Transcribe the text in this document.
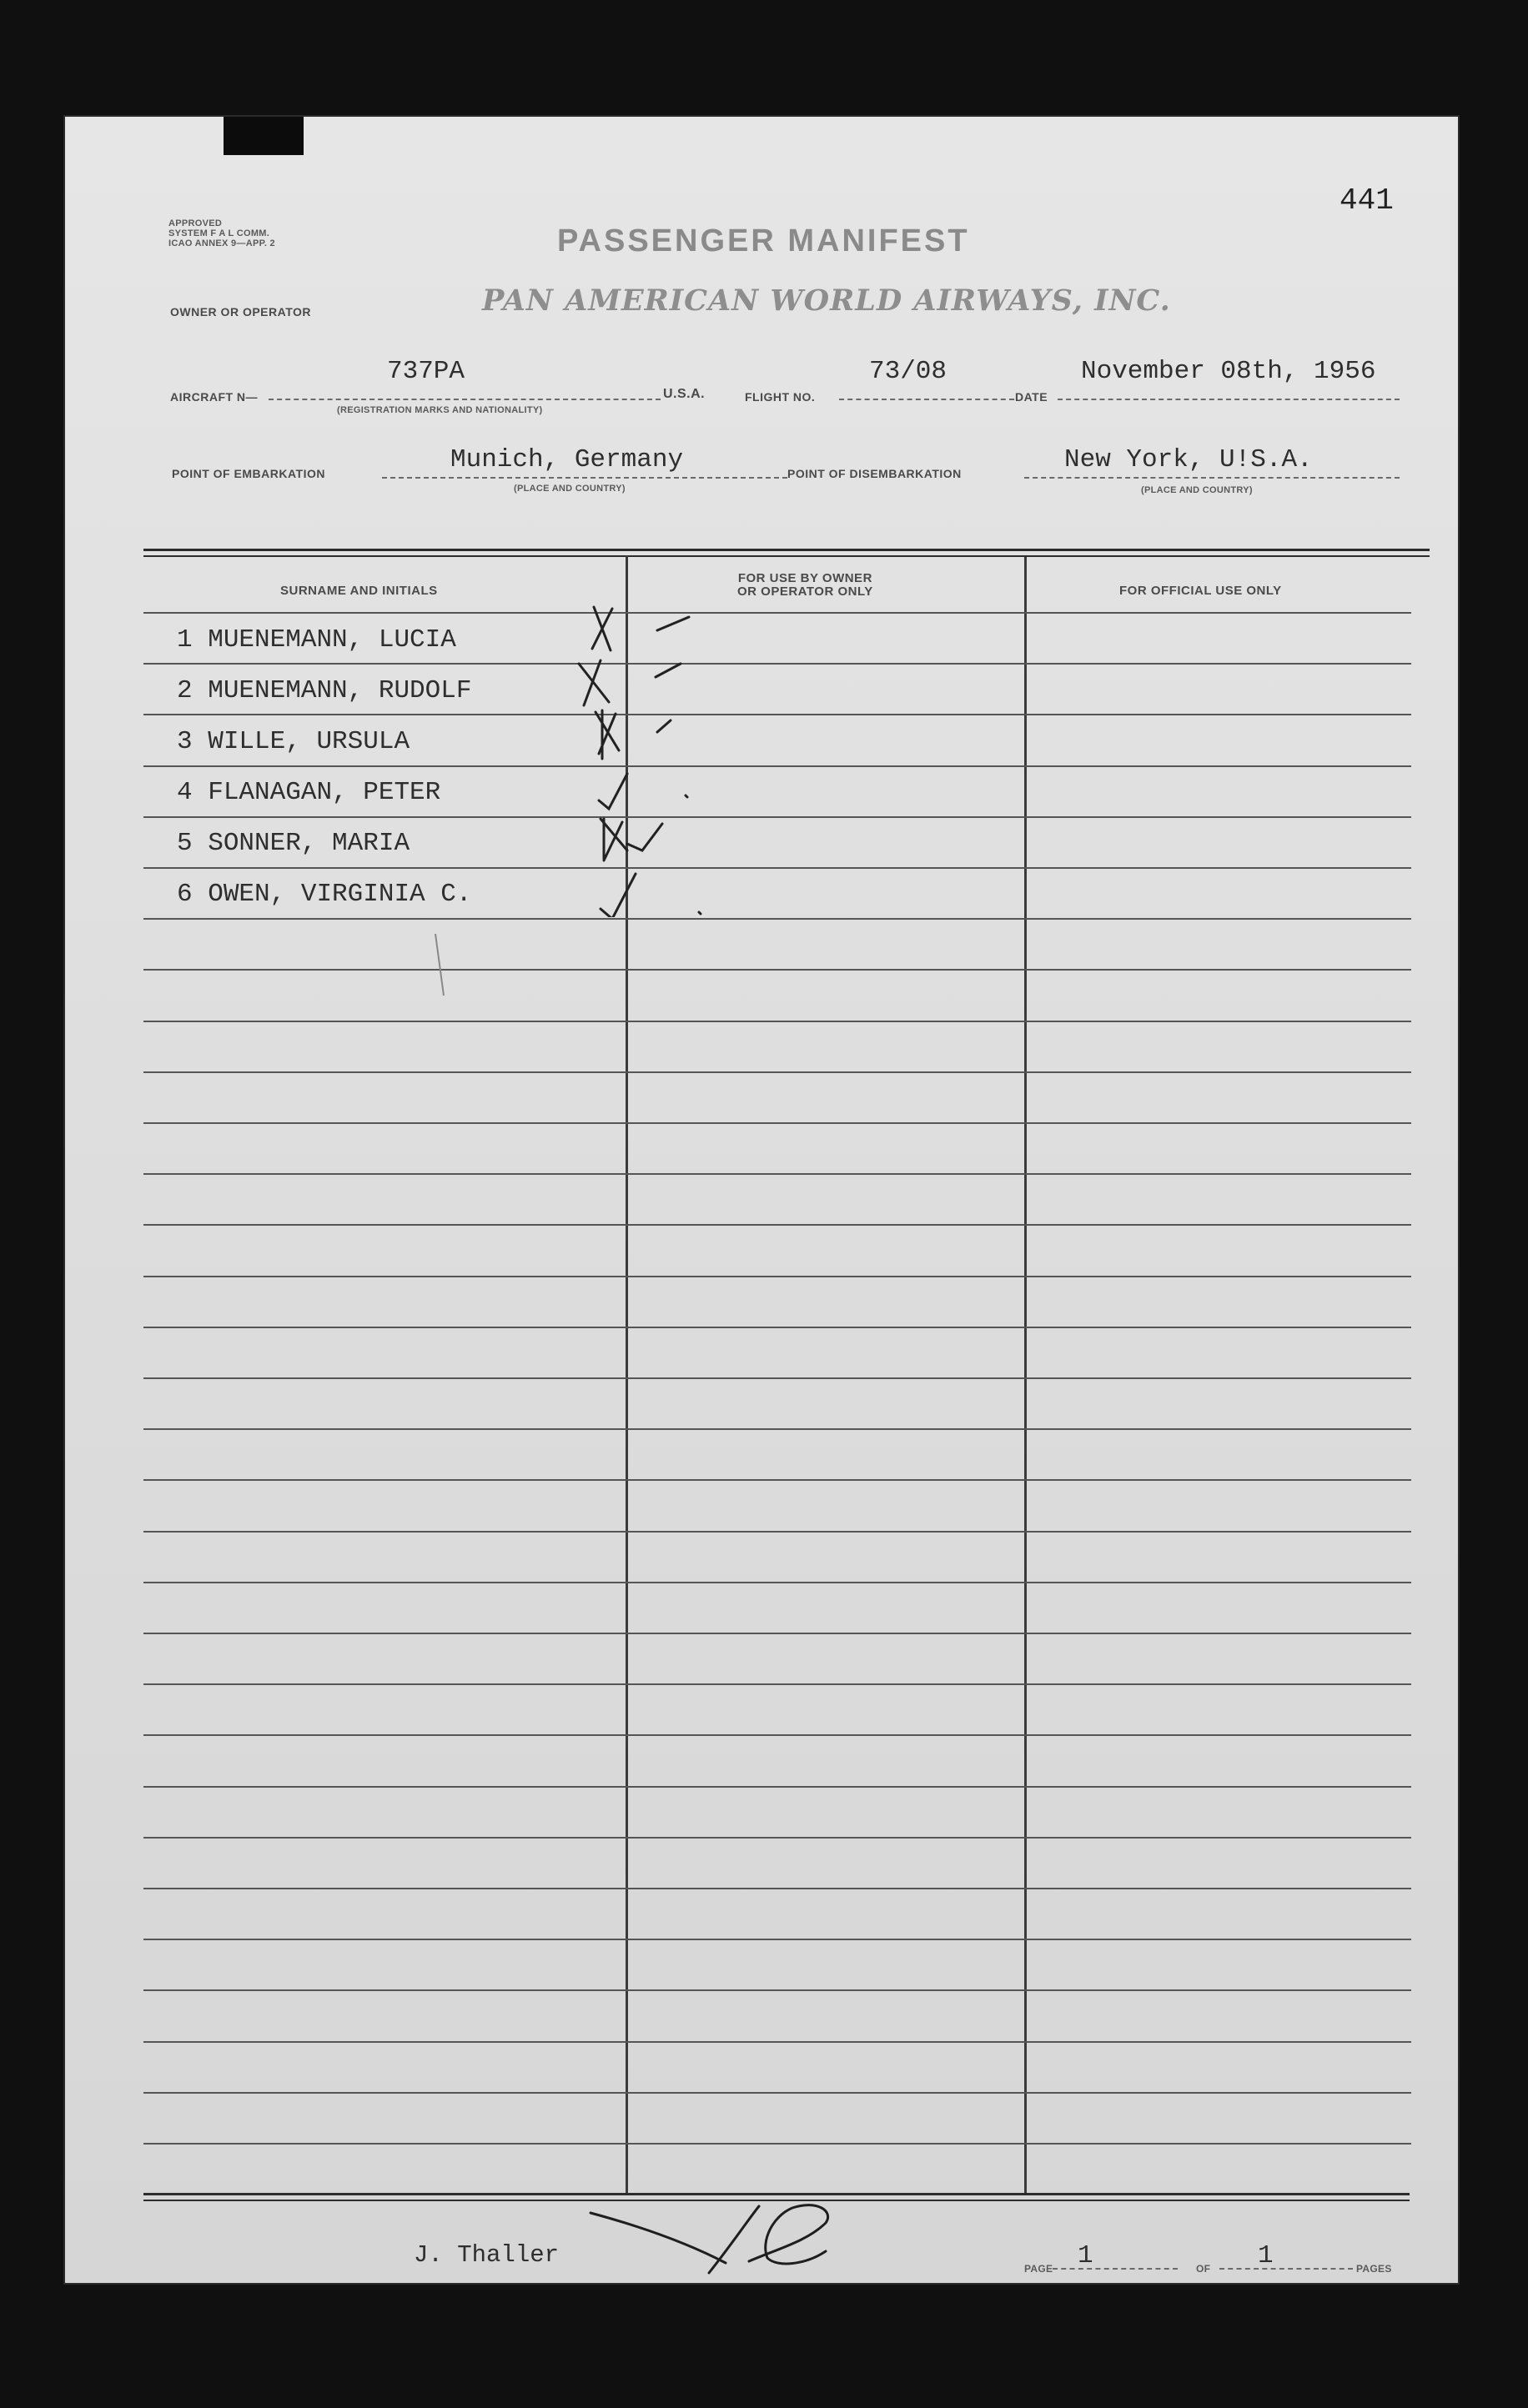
APPROVED
SYSTEM F A L COMM.
ICAO ANNEX 9—APP. 2
441
PASSENGER MANIFEST
OWNER OR OPERATOR	PAN AMERICAN WORLD AIRWAYS, INC.
AIRCRAFT N—
737PA
(REGISTRATION MARKS AND NATIONALITY)
U.S.A.	FLIGHT NO.
73/08
DATE
November 08th, 1956
POINT OF EMBARKATION	Munich, Germany
(PLACE AND COUNTRY)
POINT OF DISEMBARKATION	New York, U!S.A.
(PLACE AND COUNTRY)
SURNAME AND INITIALS
FOR USE BY OWNER
OR OPERATOR ONLY	FOR OFFICIAL USE ONLY
1 MUENEMANN, LUCIA
2 MUENEMANN, RUDOLF
3 WILLE, URSULA
4 FLANAGAN, PETER
5 SONNER, MARIA
6 OWEN, VIRGINIA C.
J. Thaller	PAGE 1	OF 1	PAGES
